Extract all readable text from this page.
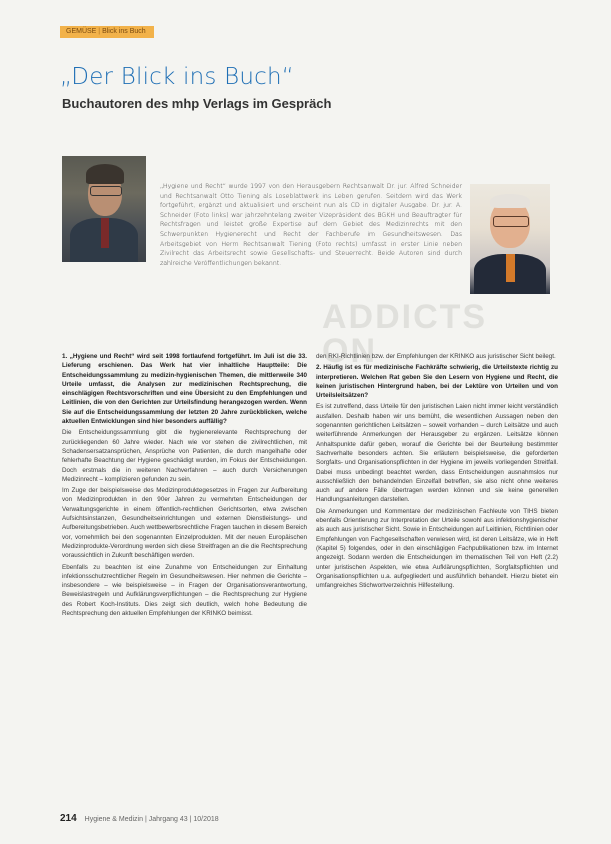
GEMÜSE | Blick ins Buch
„Der Blick ins Buch“
Buchautoren des mhp Verlags im Gespräch
„Hygiene und Recht“ wurde 1997 von den Herausgebern Rechtsanwalt Dr. jur. Alfred Schneider und Rechtsanwalt Otto Tiening als Loseblattwerk ins Leben gerufen. Seitdem wird das Werk fortgeführt, ergänzt und aktualisiert und erscheint nun als CD in digitaler Ausgabe. Dr. jur. A. Schneider (Foto links) war jahrzehntelang zweiter Vizepräsident des BGKH und Beauftragter für Rechtsfragen und leistet große Expertise auf dem Gebiet des Medizinrechts mit den Schwerpunkten Hygienerecht und Recht der Fachberufe im Gesundheitswesen. Das Arbeitsgebiet von Herrn Rechtsanwalt Tiening (Foto rechts) umfasst in erster Linie neben Zivilrecht das Arbeitsrecht sowie Gesellschafts- und Steuerrecht. Beide Autoren sind durch zahlreiche Veröffentlichungen bekannt.
ADDICTS ON

1. „Hygiene und Recht“ wird seit 1998 fortlaufend fortgeführt. Im Juli ist die 33. Lieferung erschienen. Das Werk hat vier inhaltliche Hauptteile: Die Entscheidungssammlung zu medizin-hygienischen Themen, die mittlerweile 340 Urteile umfasst, die Analysen zur medizinischen Rechtsprechung, die einschlägigen Rechtsvorschriften und eine Übersicht zu den Empfehlungen und Leitlinien, die von den Gerichten zur Urteilsfindung herangezogen werden. Wenn Sie auf die Entscheidungssammlung der letzten 20 Jahre zurückblicken, welche aktuellen Entwicklungen sind hier besonders auffällig?

Die Entscheidungssammlung gibt die hygienerelevante Rechtsprechung der zurückliegenden 60 Jahre wieder. Nach wie vor stehen die zivilrechtlichen, mit Schadensersatzansprüchen, Ansprüche von Patienten, die durch mangelhafte oder fehlerhafte Beachtung der Hygiene geschädigt wurden, im Fokus der Entscheidungen. Doch erstmals die in weiteren Nachverfahren – auch durch Versicherungen Medizinrecht – komplizieren gefunden zu sein.

Im Zuge der beispielsweise des Medizinproduktegesetzes in Fragen zur Aufbereitung von Medizinprodukten in den 90er Jahren zu vermehrten Entscheidungen der Verwaltungsgerichte in einem öffentlich-rechtlichen Gerichtsorten, etwa zwischen Aufsichtsinstanzen, Gesundheitseinrichtungen und externen Dienstleistungs- und Aufbereitungsbetrieben. Auch wettbewerbsrechtliche Fragen tauchen in diesem Bereich vor, vornehmlich bei den sogenannten Einzelprodukten. Mit der neuen Europäischen Medizinprodukte-Verordnung werden sich diese Streitfragen an die die Rechtsprechung voraussichtlich in Zukunft beschäftigen werden.

Ebenfalls zu beachten ist eine Zunahme von Entscheidungen zur Einhaltung infektionsschutzrechtlicher Regeln im Gesundheitswesen. Hier nehmen die Gerichte – insbesondere – wie beispielsweise – in Fragen der Organisationsverantwortung, Beweislastregeln und Aufklärungsverpflichtungen – die Rechtsprechung zur Hygiene des Robert Koch-Instituts. Dies zeigt sich deutlich, welch hohe Bedeutung die Rechtsprechung den aktuellen Empfehlungen der KRINKO beimisst.

den RKI-Richtlinien bzw. der Empfehlungen der KRINKO aus juristischer Sicht beilegt.

2. Häufig ist es für medizinische Fachkräfte schwierig, die Urteilstexte richtig zu interpretieren. Welchen Rat geben Sie den Lesern von Hygiene und Recht, die keinen juristischen Hintergrund haben, bei der Lektüre von Urteilen und von Urteilsleitsätzen?

Es ist zutreffend, dass Urteile für den juristischen Laien nicht immer leicht verständlich ausfallen. Deshalb haben wir uns bemüht, die wesentlichen Aussagen neben den sogenannten gerichtlichen Leitsätzen – soweit vorhanden – durch Leitsätze und auch weiterführende Anmerkungen der Herausgeber zu ergänzen. Leitsätze können Anhaltspunkte dafür geben, worauf die Gerichte bei der Beurteilung bestimmter Sachverhalte besonders achten. Sie erläutern beispielsweise, die geforderten Sorgfalts- und Organisationspflichten in der Hygiene im jeweils vorliegenden Streitfall. Dabei muss unbedingt beachtet werden, dass Entscheidungen ausnahmslos nur ausschließlich den behandelnden Einzelfall betreffen, sie also nicht ohne weiteres auch auf andere Fälle übertragen werden können und sie keine generellen Handlungsanleitungen darstellen.

Die Anmerkungen und Kommentare der medizinischen Fachleute von TIHS bieten ebenfalls Orientierung zur Interpretation der Urteile sowohl aus infektionshygienischer als auch aus juristischer Sicht. Sowie in Entscheidungen auf Leitlinien, Richtlinien oder Empfehlungen von Fachgesellschaften verwiesen wird, ist deren Leitsätze, wie in Heft (Kapitel 5) folgendes, oder in den einschlägigen Fachpublikationen bzw. im Internet angezeigt. Sodann werden die Entscheidungen im thematischen Teil von Heft (2.2) unter juristischen Aspekten, wie etwa Aufklärungspflichten, Sorgfaltspflichten und Organisationspflichten u.a. aufgegliedert und ausführlich behandelt. Hierzu bietet ein umfangreiches Stichwortverzeichnis Hilfestellung.

214 Hygiene & Medizin | Jahrgang 43 | 10/2018
